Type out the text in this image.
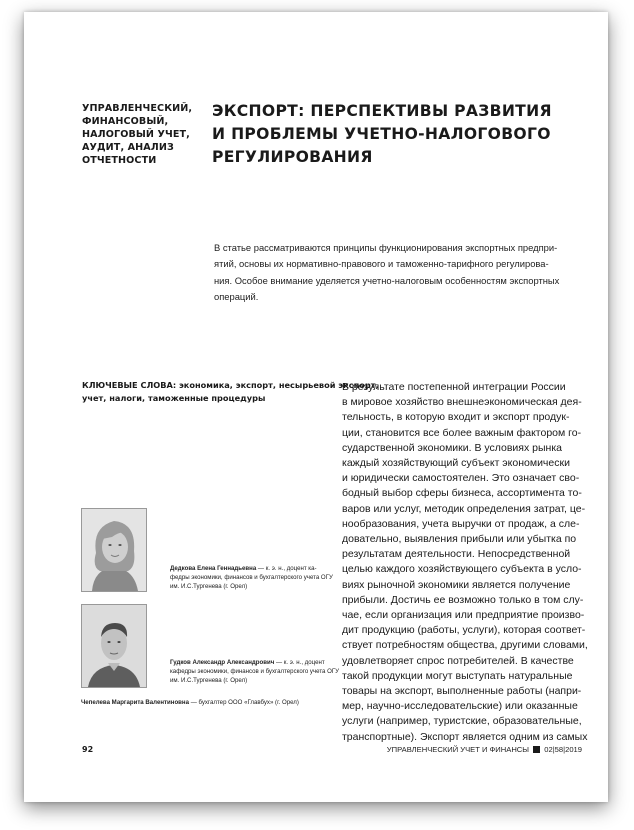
УПРАВЛЕНЧЕСКИЙ,
ФИНАНСОВЫЙ,
НАЛОГОВЫЙ УЧЕТ,
АУДИТ, АНАЛИЗ
ОТЧЕТНОСТИ
ЭКСПОРТ: ПЕРСПЕКТИВЫ РАЗВИТИЯ
И ПРОБЛЕМЫ УЧЕТНО-НАЛОГОВОГО
РЕГУЛИРОВАНИЯ
В статье рассматриваются принципы функционирования экспортных предпри-
ятий, основы их нормативно-правового и таможенно-тарифного регулирова-
ния. Особое внимание уделяется учетно-налоговым особенностям экспортных
операций.
КЛЮЧЕВЫЕ СЛОВА: экономика, экспорт, несырьевой экспорт,
учет, налоги, таможенные процедуры
Дедкова Елена Геннадьевна — к. э. н., доцент ка-
федры экономики, финансов и бухгалтерского учета ОГУ
им. И.С.Тургенева (г. Орел)
Гудков Александр Александрович — к. э. н., доцент
кафедры экономики, финансов и бухгалтерского учета ОГУ
им. И.С.Тургенева (г. Орел)
Чепелева Маргарита Валентиновна — бухгалтер ООО «Главбух» (г. Орел)
В результате постепенной интеграции России
в мировое хозяйство внешнеэкономическая дея-
тельность, в которую входит и экспорт продук-
ции, становится все более важным фактором го-
сударственной экономики. В условиях рынка
каждый хозяйствующий субъект экономически
и юридически самостоятелен. Это означает сво-
бодный выбор сферы бизнеса, ассортимента то-
варов или услуг, методик определения затрат, це-
нообразования, учета выручки от продаж, а сле-
довательно, выявления прибыли или убытка по
результатам деятельности. Непосредственной
целью каждого хозяйствующего субъекта в усло-
виях рыночной экономики является получение
прибыли. Достичь ее возможно только в том слу-
чае, если организация или предприятие произво-
дит продукцию (работы, услуги), которая соответ-
ствует потребностям общества, другими словами,
удовлетворяет спрос потребителей. В качестве
такой продукции могут выступать натуральные
товары на экспорт, выполненные работы (напри-
мер, научно-исследовательские) или оказанные
услуги (например, туристские, образовательные,
транспортные). Экспорт является одним из самых
92	УПРАВЛЕНЧЕСКИЙ УЧЕТ И ФИНАНСЫ 02|58|2019
